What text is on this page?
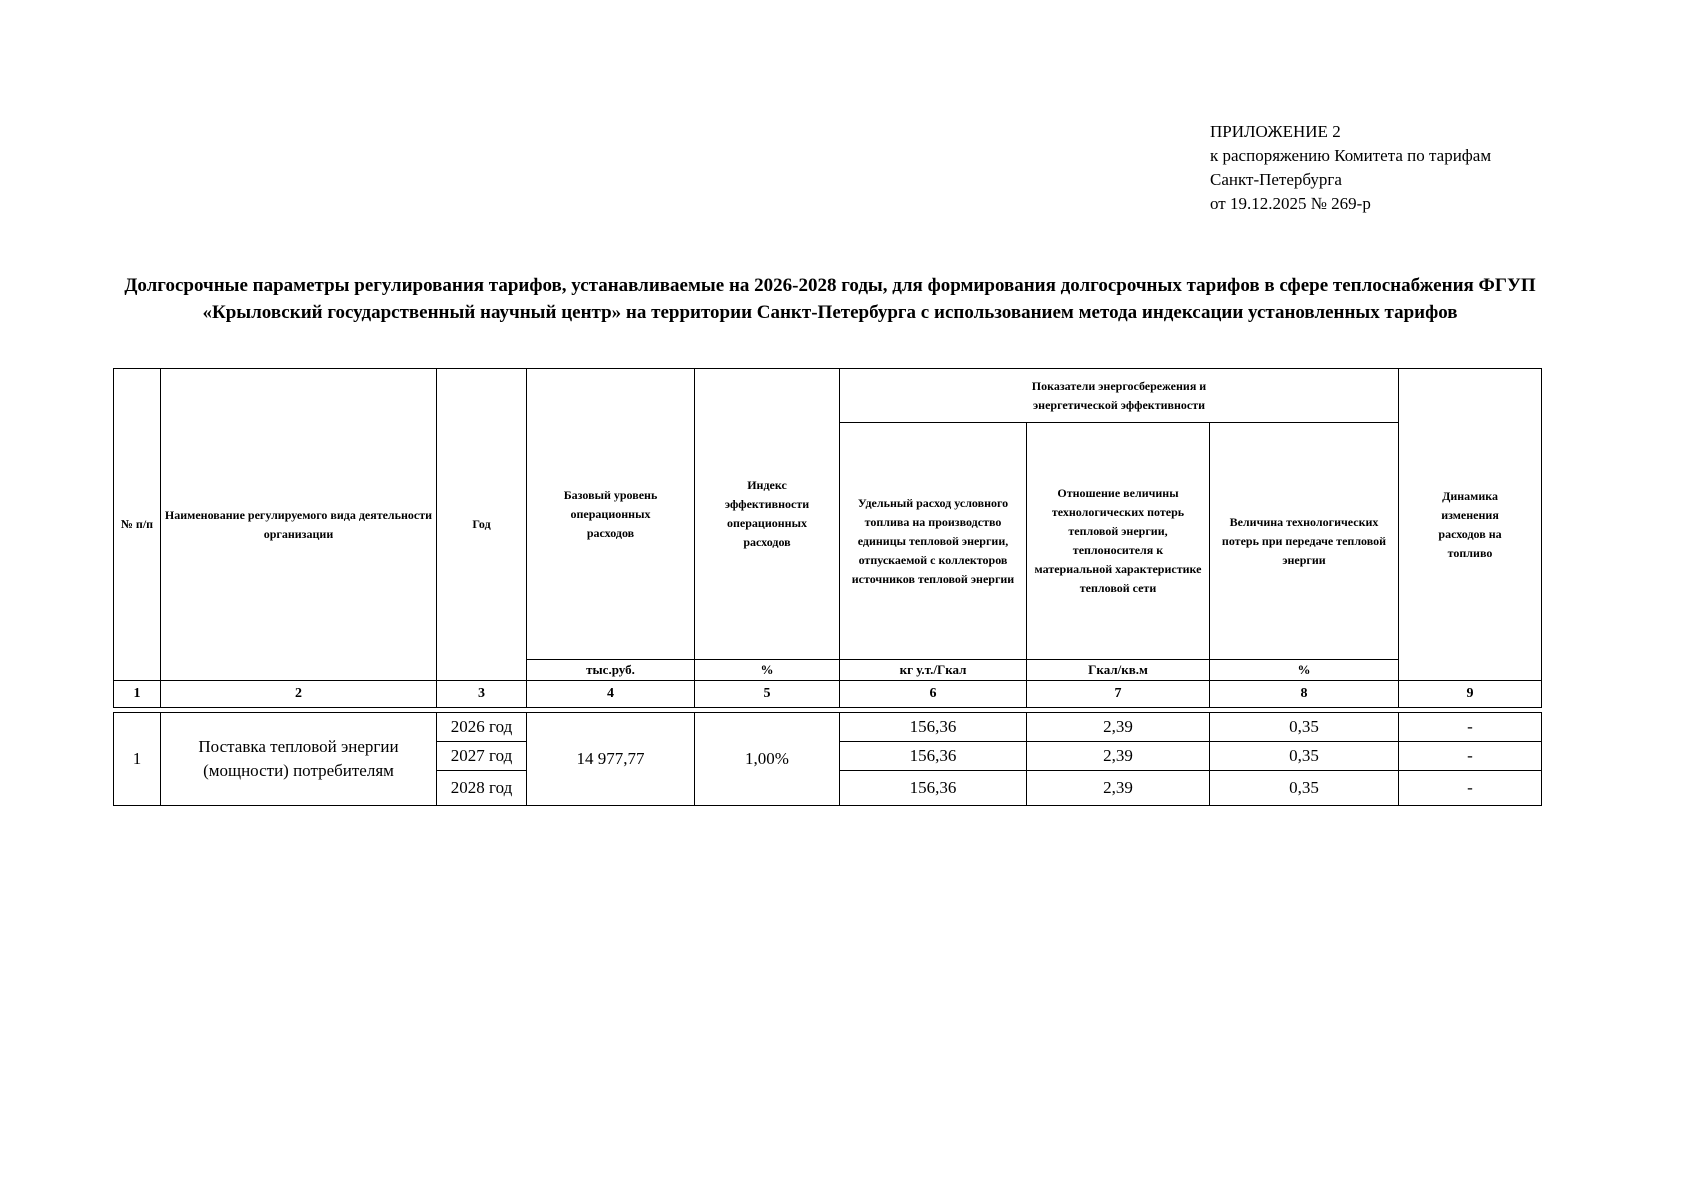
ПРИЛОЖЕНИЕ 2
к распоряжению Комитета по тарифам
Санкт-Петербурга
от 19.12.2025 № 269-р
Долгосрочные параметры регулирования тарифов, устанавливаемые на 2026-2028 годы, для формирования долгосрочных тарифов в сфере теплоснабжения ФГУП «Крыловский государственный научный центр» на территории Санкт-Петербурга с использованием метода индексации установленных тарифов
№ п/п	Наименование регулируемого вида деятельности организации	Год	Базовый уровень операционных расходов	Индекс эффективности операционных расходов	Показатели энергосбережения и энергетической эффективности			Динамика изменения расходов на топливо
					Удельный расход условного топлива на производство единицы тепловой энергии, отпускаемой с коллекторов источников тепловой энергии	Отношение величины технологических потерь тепловой энергии, теплоносителя к материальной характеристике тепловой сети	Величина технологических потерь при передаче тепловой энергии	
			тыс.руб.	%	кг у.т./Гкал	Гкал/кв.м	%	
1	2	3	4	5	6	7	8	9

1	Поставка тепловой энергии (мощности) потребителям	2026 год	14 977,77	1,00%	156,36	2,39	0,35	-
		2027 год			156,36	2,39	0,35	-
		2028 год			156,36	2,39	0,35	-
